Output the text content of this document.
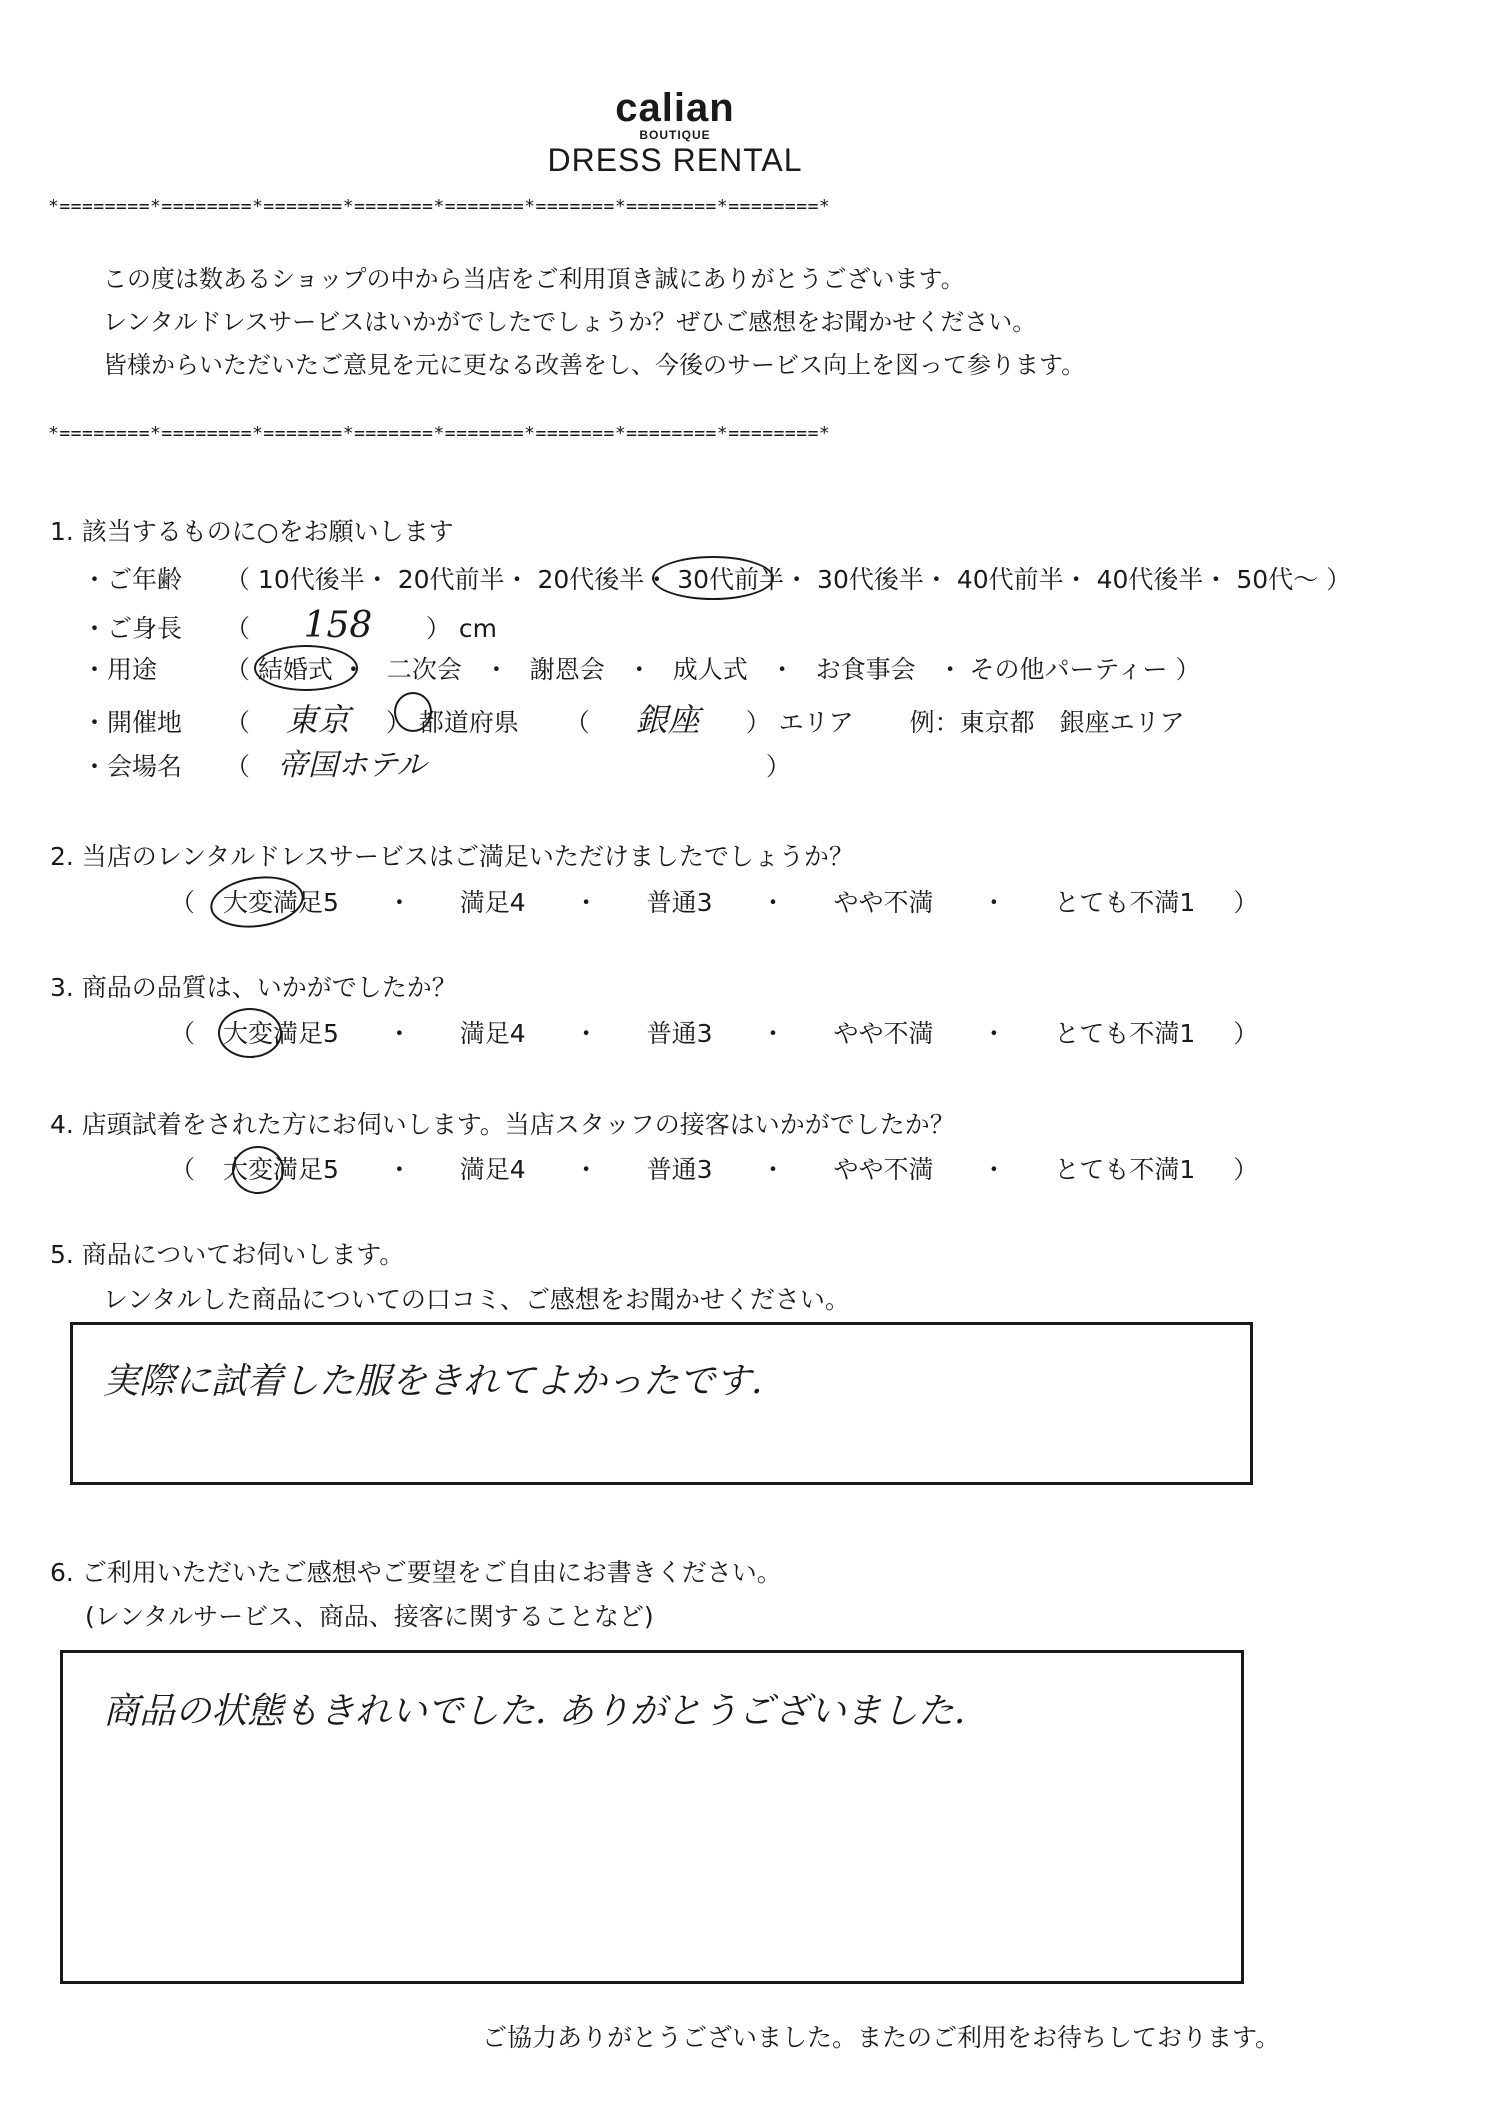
calian
BOUTIQUE
DRESS RENTAL
*========*========*=======*=======*=======*=======*========*========*
この度は数あるショップの中から当店をご利用頂き誠にありがとうございます。
レンタルドレスサービスはいかがでしたでしょうか？ぜひご感想をお聞かせください。
皆様からいただいたご意見を元に更なる改善をし、今後のサービス向上を図って参ります。
*========*========*=======*=======*=======*=======*========*========*
1. 該当するものに○をお願いします
・ご年齢 （ 10代後半・ 20代前半・ 20代後半・ 30代前半・ 30代後半・ 40代前半・ 40代後半・ 50代～ ）
・ご身長 （ 158 ） cm
・用途	（ 結婚式 ・ 二次会 ・ 謝恩会 ・ 成人式 ・ お食事会 ・ その他パーティー ）
・開催地 （ 東京 ） 都道府県 （ 銀座 ） エリア 例：東京都　銀座エリア
・会場名 （ 帝国ホテル	）
2. 当店のレンタルドレスサービスはご満足いただけましたでしょうか？
（ 大変満足5 ・ 満足4 ・ 普通3 ・ やや不満 ・ とても不満1 ）
3. 商品の品質は、いかがでしたか？
（ 大変満足5 ・ 満足4 ・ 普通3 ・ やや不満 ・ とても不満1 ）
4. 店頭試着をされた方にお伺いします。当店スタッフの接客はいかがでしたか？
（ 大変満足5 ・ 満足4 ・ 普通3 ・ やや不満 ・ とても不満1 ）
5. 商品についてお伺いします。
レンタルした商品についての口コミ、ご感想をお聞かせください。
実際に試着した服をきれてよかったです.
6. ご利用いただいたご感想やご要望をご自由にお書きください。
(レンタルサービス、商品、接客に関することなど)
商品の状態もきれいでした. ありがとうございました.
ご協力ありがとうございました。またのご利用をお待ちしております。
